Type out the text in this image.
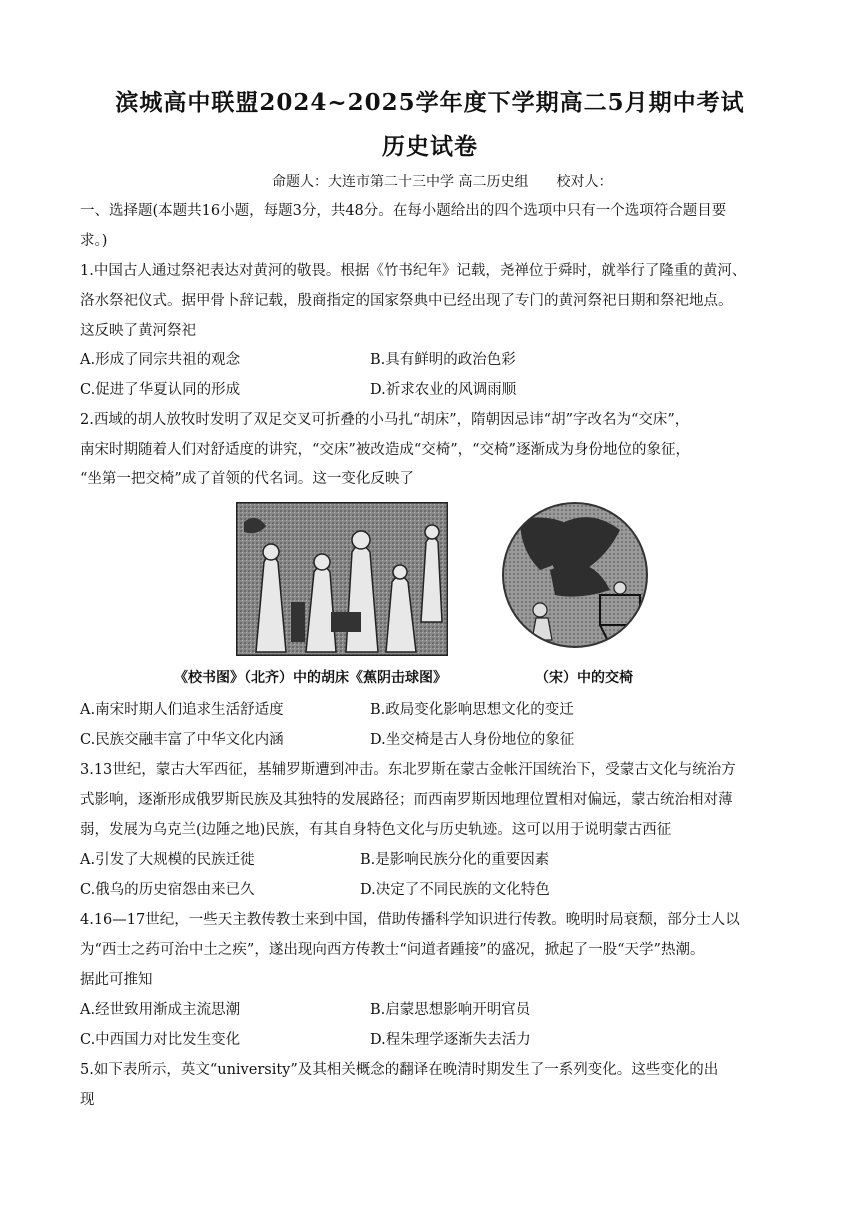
滨城高中联盟2024~2025学年度下学期高二5月期中考试
历史试卷
命题人：大连市第二十三中学 高二历史组　　校对人：
一、选择题(本题共16小题，每题3分，共48分。在每小题给出的四个选项中只有一个选项符合题目要
求。)
1.中国古人通过祭祀表达对黄河的敬畏。根据《竹书纪年》记载，尧禅位于舜时，就举行了隆重的黄河、
洛水祭祀仪式。据甲骨卜辞记载，殷商指定的国家祭典中已经出现了专门的黄河祭祀日期和祭祀地点。
这反映了黄河祭祀
A.形成了同宗共祖的观念	B.具有鲜明的政治色彩
C.促进了华夏认同的形成	D.祈求农业的风调雨顺
2.西域的胡人放牧时发明了双足交叉可折叠的小马扎“胡床”，隋朝因忌讳“胡”字改名为“交床”，
南宋时期随着人们对舒适度的讲究，“交床”被改造成“交椅”，“交椅”逐渐成为身份地位的象征，
“坐第一把交椅”成了首领的代名词。这一变化反映了
《校书图》（北齐）中的胡床《蕉阴击球图》	（宋）中的交椅
A.南宋时期人们追求生活舒适度	B.政局变化影响思想文化的变迁
C.民族交融丰富了中华文化内涵	D.坐交椅是古人身份地位的象征
3.13世纪，蒙古大军西征，基辅罗斯遭到冲击。东北罗斯在蒙古金帐汗国统治下，受蒙古文化与统治方
式影响，逐渐形成俄罗斯民族及其独特的发展路径；而西南罗斯因地理位置相对偏远，蒙古统治相对薄
弱，发展为乌克兰(边陲之地)民族，有其自身特色文化与历史轨迹。这可以用于说明蒙古西征
A.引发了大规模的民族迁徙	B.是影响民族分化的重要因素
C.俄乌的历史宿怨由来已久	D.决定了不同民族的文化特色
4.16—17世纪，一些天主教传教士来到中国，借助传播科学知识进行传教。晚明时局衰颓，部分士人以
为“西士之药可治中土之疾”，遂出现向西方传教士“问道者踵接”的盛况，掀起了一股“天学”热潮。
据此可推知
A.经世致用渐成主流思潮	B.启蒙思想影响开明官员
C.中西国力对比发生变化	D.程朱理学逐渐失去活力
5.如下表所示，英文“university”及其相关概念的翻译在晚清时期发生了一系列变化。这些变化的出
现
